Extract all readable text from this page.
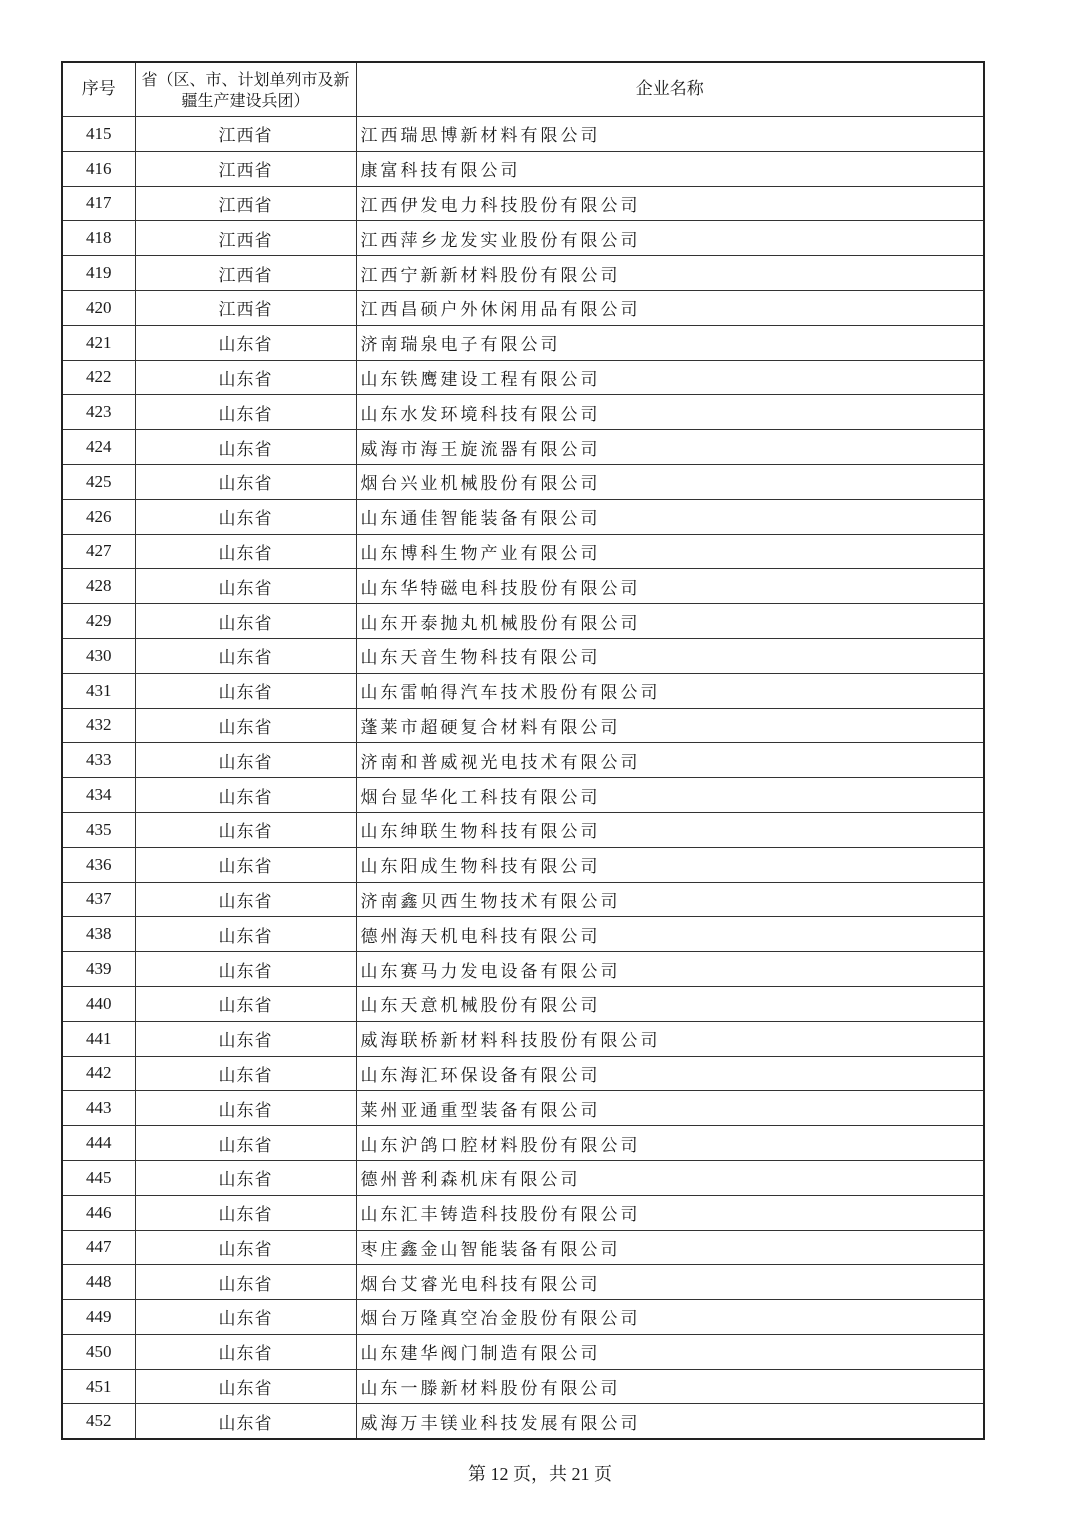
序号	省（区、市、计划单列市及新疆生产建设兵团）	企业名称
415	江西省	江西瑞思博新材料有限公司
416	江西省	康富科技有限公司
417	江西省	江西伊发电力科技股份有限公司
418	江西省	江西萍乡龙发实业股份有限公司
419	江西省	江西宁新新材料股份有限公司
420	江西省	江西昌硕户外休闲用品有限公司
421	山东省	济南瑞泉电子有限公司
422	山东省	山东铁鹰建设工程有限公司
423	山东省	山东水发环境科技有限公司
424	山东省	威海市海王旋流器有限公司
425	山东省	烟台兴业机械股份有限公司
426	山东省	山东通佳智能装备有限公司
427	山东省	山东博科生物产业有限公司
428	山东省	山东华特磁电科技股份有限公司
429	山东省	山东开泰抛丸机械股份有限公司
430	山东省	山东天音生物科技有限公司
431	山东省	山东雷帕得汽车技术股份有限公司
432	山东省	蓬莱市超硬复合材料有限公司
433	山东省	济南和普威视光电技术有限公司
434	山东省	烟台显华化工科技有限公司
435	山东省	山东绅联生物科技有限公司
436	山东省	山东阳成生物科技有限公司
437	山东省	济南鑫贝西生物技术有限公司
438	山东省	德州海天机电科技有限公司
439	山东省	山东赛马力发电设备有限公司
440	山东省	山东天意机械股份有限公司
441	山东省	威海联桥新材料科技股份有限公司
442	山东省	山东海汇环保设备有限公司
443	山东省	莱州亚通重型装备有限公司
444	山东省	山东沪鸽口腔材料股份有限公司
445	山东省	德州普利森机床有限公司
446	山东省	山东汇丰铸造科技股份有限公司
447	山东省	枣庄鑫金山智能装备有限公司
448	山东省	烟台艾睿光电科技有限公司
449	山东省	烟台万隆真空冶金股份有限公司
450	山东省	山东建华阀门制造有限公司
451	山东省	山东一滕新材料股份有限公司
452	山东省	威海万丰镁业科技发展有限公司
第 12 页，共 21 页
